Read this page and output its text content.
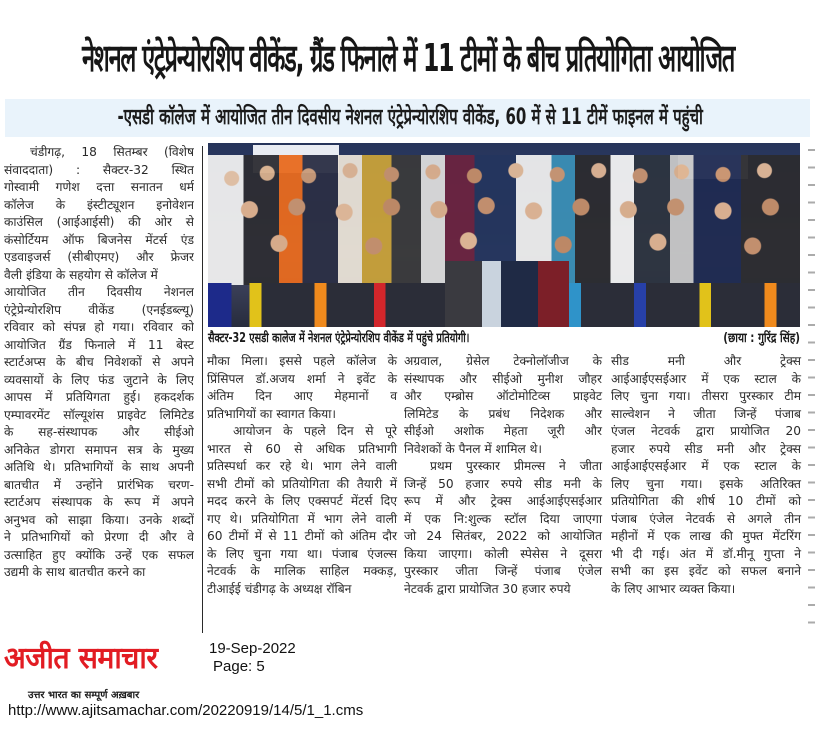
नेशनल एंट्रेप्रेन्योरशिप वीकेंड, ग्रैंड फिनाले में 11 टीमों के बीच प्रतियोगिता आयोजित
-एसडी कॉलेज में आयोजित तीन दिवसीय नेशनल एंट्रेप्रेन्योरशिप वीकेंड, 60 में से 11 टीमें फाइनल में पहुंची
चंडीगढ़, 18 सितम्बर (विशेष
संवाददाता) : सैक्टर-32 स्थित
गोस्वामी गणेश दत्ता सनातन धर्म
कॉलेज के इंस्टीट्यूशन इनोवेशन
काउंसिल (आईआईसी) की ओर से
कंसोर्टियम ऑफ बिजनेस मेंटर्स एंड
एडवाइजर्स (सीबीएमए) और फ्रेजर
वैली इंडिया के सहयोग से कॉलेज में
आयोजित तीन दिवसीय नेशनल
एंट्रेप्रेन्योरशिप वीकेंड (एनईडब्ल्यू)
रविवार को संपन्न हो गया। रविवार को
आयोजित ग्रैंड फिनाले में 11 बेस्ट
स्टार्टअप्स के बीच निवेशकों से अपने
व्यवसायों के लिए फंड जुटाने के लिए
आपस में प्रतियिगता हुई। हकदर्शक
एम्पावरमेंट सॉल्यूशंस प्राइवेट लिमिटेड
के सह-संस्थापक और सीईओ
अनिकेत डोगरा समापन सत्र के मुख्य
अतिथि थे। प्रतिभागियों के साथ अपनी
बातचीत में उन्होंने प्रारंभिक चरण-
स्टार्टअप संस्थापक के रूप में अपने
अनुभव को साझा किया। उनके शब्दों
ने प्रतिभागियों को प्रेरणा दी और वे
उत्साहित हुए क्योंकि उन्हें एक सफल
उद्यमी के साथ बातचीत करने का
सैक्टर-32 एसडी कालेज में नेशनल एंट्रेप्रेन्योरशिप वीकेंड में पहुंचे प्रतियोगी।	(छाया : गुरिंद्र सिंह)
मौका मिला। इससे पहले कॉलेज के
प्रिंसिपल डॉ.अजय शर्मा ने इवेंट के
अंतिम दिन आए मेहमानों व
प्रतिभागियों का स्वागत किया।
आयोजन के पहले दिन से पूरे
भारत से 60 से अधिक प्रतिभागी
प्रतिस्पर्धा कर रहे थे। भाग लेने वाली
सभी टीमों को प्रतियोगिता की तैयारी में
मदद करने के लिए एक्सपर्ट मेंटर्स दिए
गए थे। प्रतियोगिता में भाग लेने वाली
60 टीमों में से 11 टीमों को अंतिम दौर
के लिए चुना गया था। पंजाब एंजल्स
नेटवर्क के मालिक साहिल मक्कड़,
टीआईई चंडीगढ़ के अध्यक्ष रॉबिन
अग्रवाल, ग्रेसेल टेक्नोलॉजीज के
संस्थापक और सीईओ मुनीश जौहर
और एम्ब्रोस ऑटोमोटिव्स प्राइवेट
लिमिटेड के प्रबंध निदेशक और
सीईओ अशोक मेहता जूरी और
निवेशकों के पैनल में शामिल थे।
प्रथम पुरस्कार प्रीमल्स ने जीता
जिन्हें 50 हजार रुपये सीड मनी के
रूप में और ट्रेक्स आईआईएसईआर
में एक नि:शुल्क स्टॉल दिया जाएगा
जो 24 सितंबर, 2022 को आयोजित
किया जाएगा। कोली स्पेसेस ने दूसरा
पुरस्कार जीता जिन्हें पंजाब एंजेल
नेटवर्क द्वारा प्रायोजित 30 हजार रुपये
सीड मनी और ट्रेक्स
आईआईएसईआर में एक स्टाल के
लिए चुना गया। तीसरा पुरस्कार टीम
साल्वेशन ने जीता जिन्हें पंजाब
एंजल नेटवर्क द्वारा प्रायोजित 20
हजार रुपये सीड मनी और ट्रेक्स
आईआईएसईआर में एक स्टाल के
लिए चुना गया। इसके अतिरिक्त
प्रतियोगिता की शीर्ष 10 टीमों को
पंजाब एंजेल नेटवर्क से अगले तीन
महीनों में एक लाख की मुफ्त मेंटरिंग
भी दी गई। अंत में डॉ.मीनू गुप्ता ने
सभी का इस इवेंट को सफल बनाने
के लिए आभार व्यक्त किया।
अजीत समाचार
उत्तर भारत का सम्पूर्ण अख़बार
19-Sep-2022
Page: 5
http://www.ajitsamachar.com/20220919/14/5/1_1.cms
